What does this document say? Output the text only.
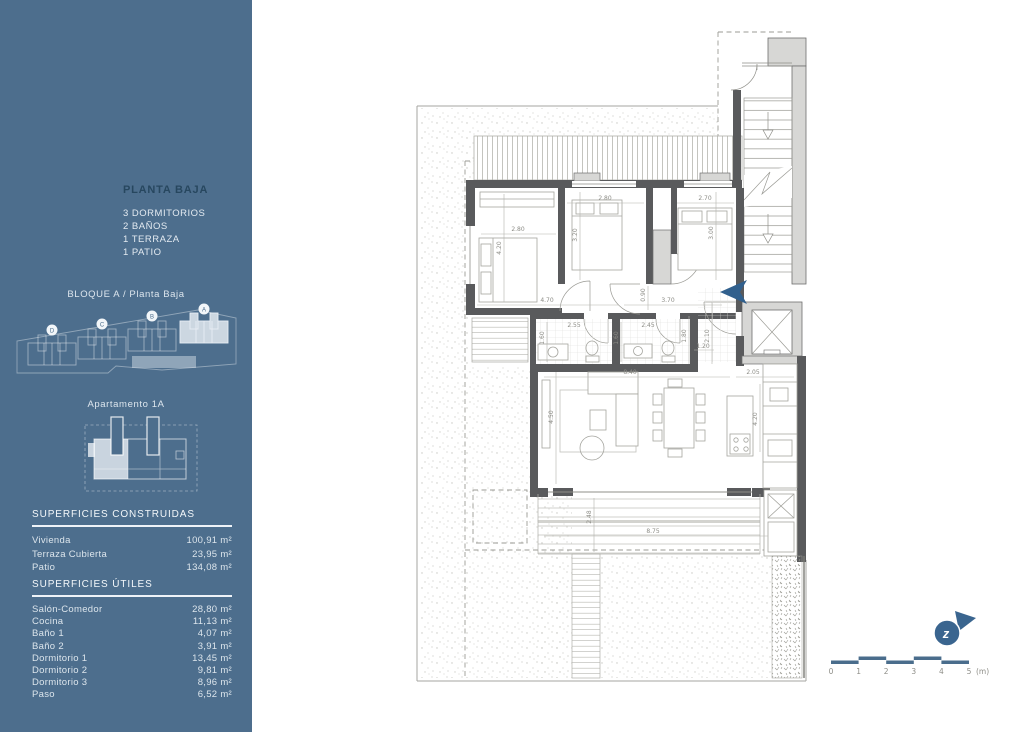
2.80
4.20
2.80
3.20
2.70
3.00
4.70	0.90 3.70
2.55
1.60
2.45
1.60	1.80	2.10
1.20
8.40
4.50
2.05
4.20
8.75
2.48
z
0	1	2	3	4	5 (m)
PLANTA BAJA
3 DORMITORIOS
2 BAÑOS
1 TERRAZA
1 PATIO
BLOQUE A / Planta Baja
D
C
B
A
Apartamento 1A
SUPERFICIES CONSTRUIDAS
Vivienda	100,91 m²
Terraza Cubierta	23,95 m²
Patio	134,08 m²
SUPERFICIES ÚTILES
Salón-Comedor	28,80 m²
Cocina	11,13 m²
Baño 1	4,07 m²
Baño 2	3,91 m²
Dormitorio 1	13,45 m²
Dormitorio 2	9,81 m²
Dormitorio 3	8,96 m²
Paso	6,52 m²
